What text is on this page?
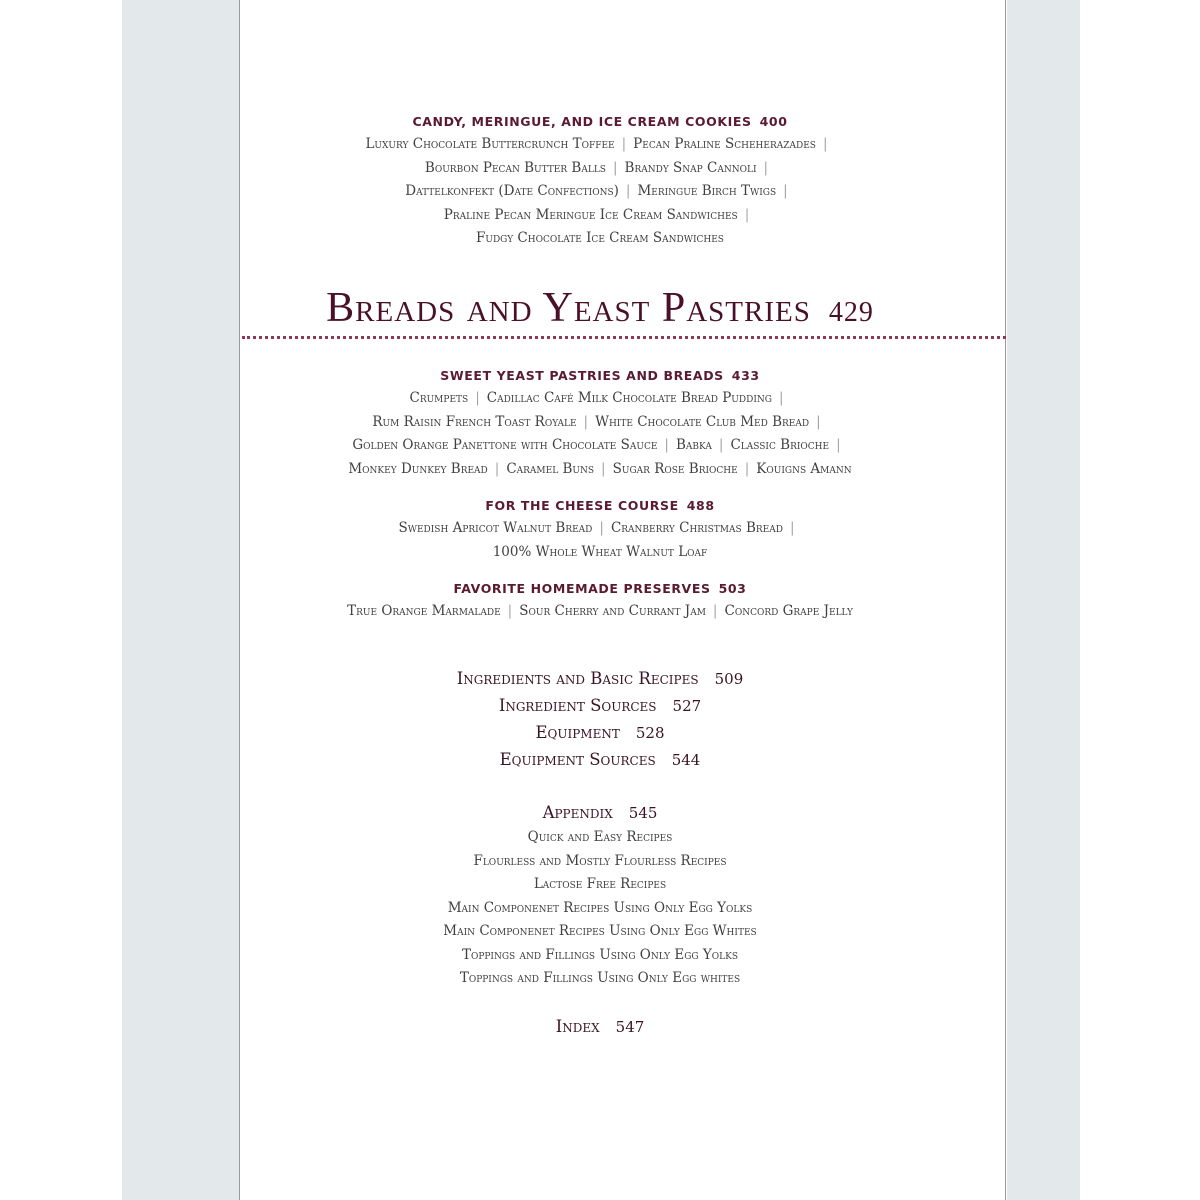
CANDY, MERINGUE, AND ICE CREAM COOKIES 400
Luxury Chocolate Buttercrunch Toffee | Pecan Praline Scheherazades |
Bourbon Pecan Butter Balls | Brandy Snap Cannoli |
Dattelkonfekt (Date Confections) | Meringue Birch Twigs |
Praline Pecan Meringue Ice Cream Sandwiches |
Fudgy Chocolate Ice Cream Sandwiches
Breads and Yeast Pastries 429
SWEET YEAST PASTRIES AND BREADS 433
Crumpets | Cadillac Café Milk Chocolate Bread Pudding |
Rum Raisin French Toast Royale | White Chocolate Club Med Bread |
Golden Orange Panettone with Chocolate Sauce | Babka | Classic Brioche |
Monkey Dunkey Bread | Caramel Buns | Sugar Rose Brioche | Kouigns Amann
FOR THE CHEESE COURSE 488
Swedish Apricot Walnut Bread | Cranberry Christmas Bread |
100% Whole Wheat Walnut Loaf
FAVORITE HOMEMADE PRESERVES 503
True Orange Marmalade | Sour Cherry and Currant Jam | Concord Grape Jelly
Ingredients and Basic Recipes 509
Ingredient Sources 527
Equipment 528
Equipment Sources 544
Appendix 545
Quick and Easy Recipes
Flourless and Mostly Flourless Recipes
Lactose Free Recipes
Main Componenet Recipes Using Only Egg Yolks
Main Componenet Recipes Using Only Egg Whites
Toppings and Fillings Using Only Egg Yolks
Toppings and Fillings Using Only Egg whites
Index 547
